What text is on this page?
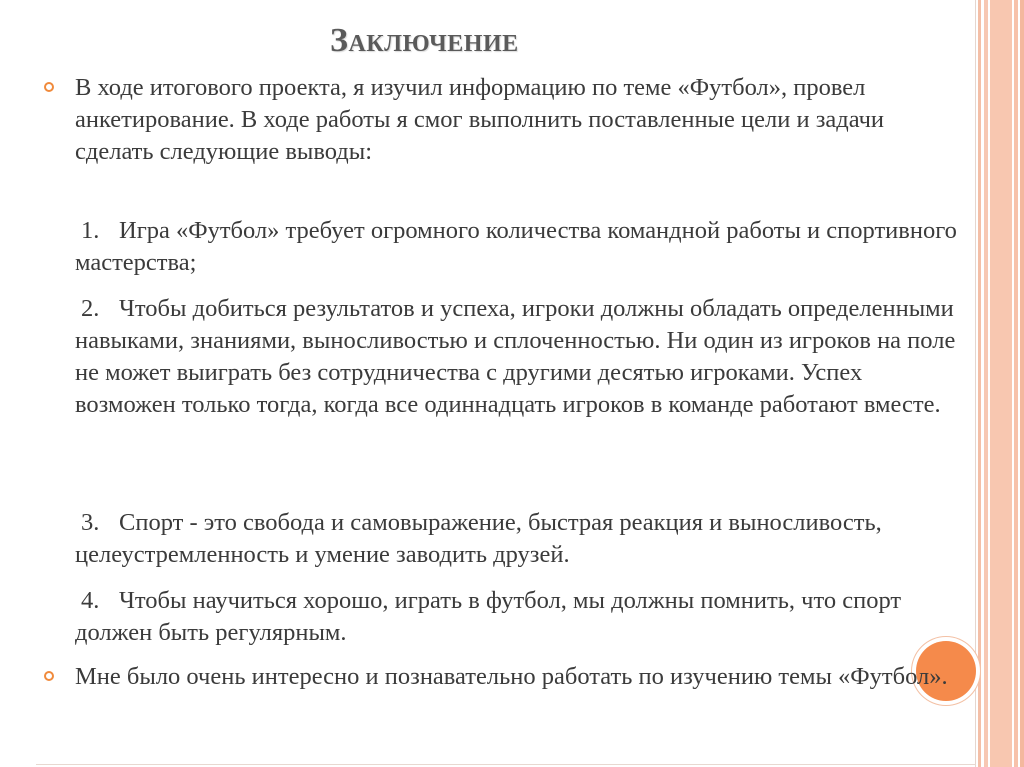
Заключение

В ходе итогового проекта, я изучил информацию по теме «Футбол», провел анкетирование. В ходе работы я смог выполнить поставленные цели и задачи сделать следующие выводы:

1. Игра «Футбол» требует огромного количества командной работы и спортивного мастерства;

2. Чтобы добиться результатов и успеха, игроки должны обладать определенными навыками, знаниями, выносливостью и сплоченностью. Ни один из игроков на поле не может выиграть без сотрудничества с другими десятью игроками. Успех возможен только тогда, когда все одиннадцать игроков в команде работают вместе.

3. Спорт - это свобода и самовыражение, быстрая реакция и выносливость, целеустремленность и умение заводить друзей.

4. Чтобы научиться хорошо, играть в футбол, мы должны помнить, что спорт должен быть регулярным.

Мне было очень интересно и познавательно работать по изучению темы «Футбол».
